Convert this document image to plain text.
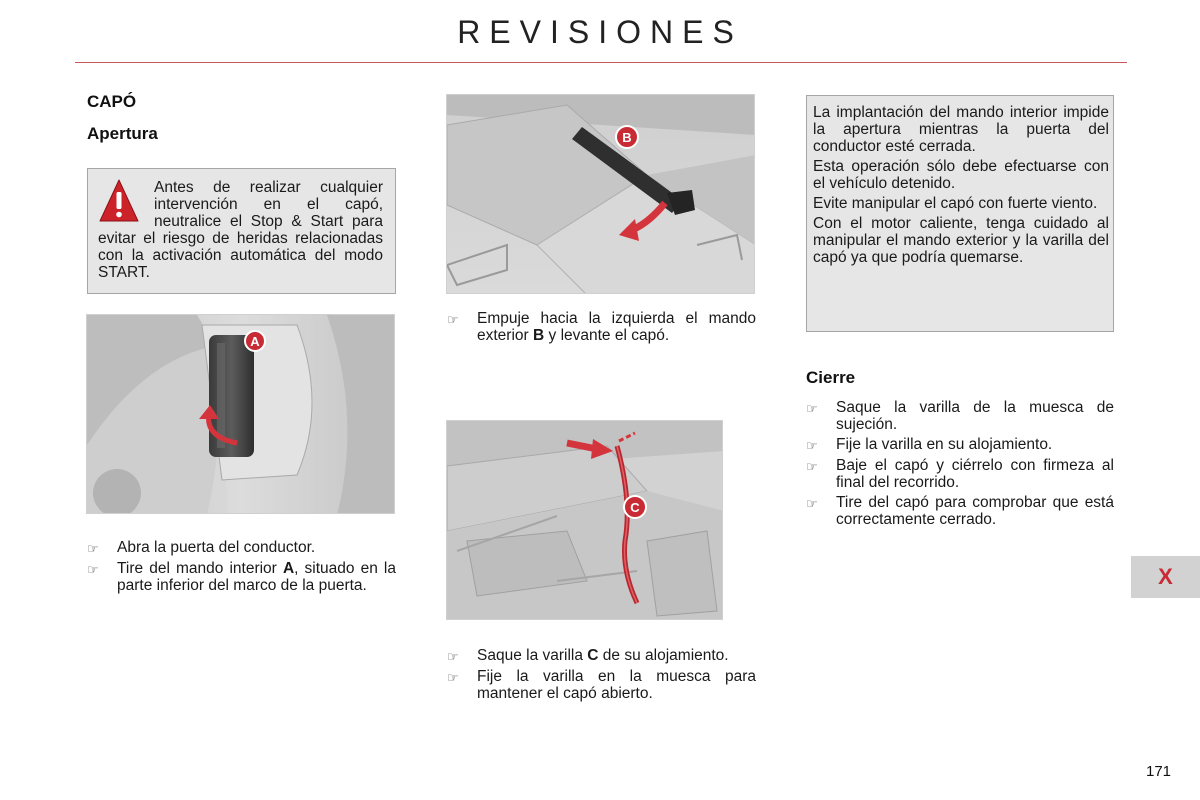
REVISIONES
CAPÓ
Apertura
Antes de realizar cualquier intervención en el capó, neutralice el Stop & Start para evitar el riesgo de heridas relacionadas con la activación automática del modo START.
A
☞	Abra la puerta del conductor.
☞	Tire del mando interior A, situado en la parte inferior del marco de la puerta.
B
☞	Empuje hacia la izquierda el mando exterior B y levante el capó.
C
☞	Saque la varilla C de su alojamiento.
☞	Fije la varilla en la muesca para mantener el capó abierto.

La implantación del mando interior impide la apertura mientras la puerta del conductor esté cerrada.

Esta operación sólo debe efectuarse con el vehículo detenido.

Evite manipular el capó con fuerte viento.

Con el motor caliente, tenga cuidado al manipular el mando exterior y la varilla del capó ya que podría quemarse.

Cierre
☞	Saque la varilla de la muesca de sujeción.
☞	Fije la varilla en su alojamiento.
☞	Baje el capó y ciérrelo con firmeza al final del recorrido.
☞	Tire del capó para comprobar que está correctamente cerrado.
X
171
